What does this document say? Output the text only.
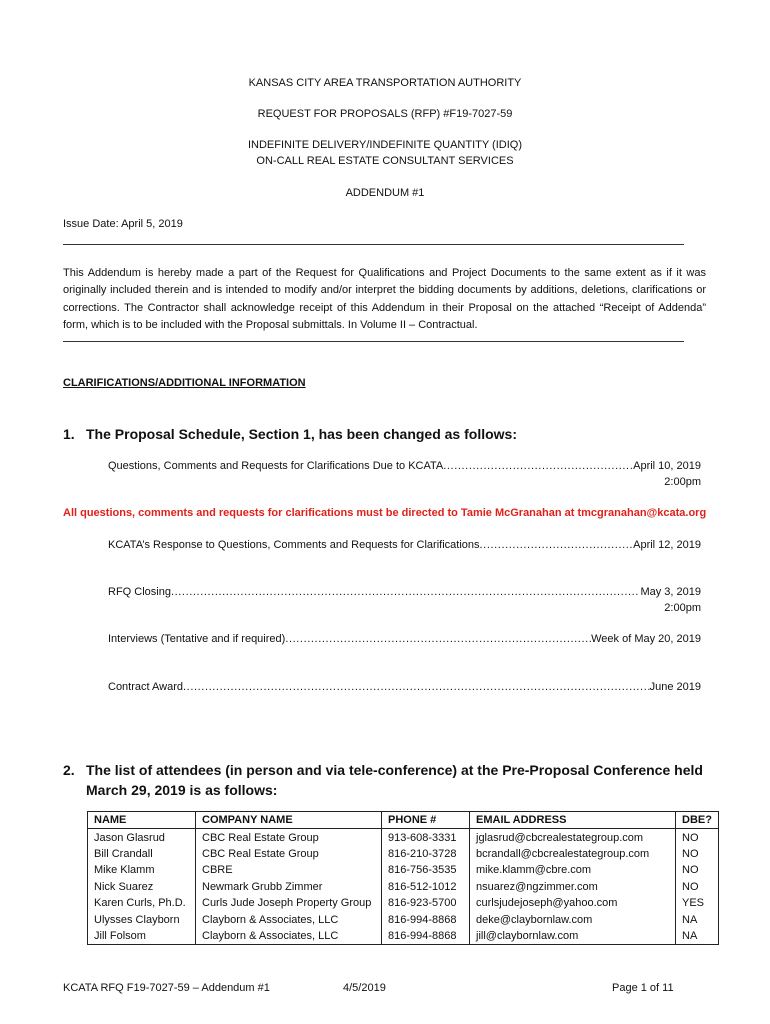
KANSAS CITY AREA TRANSPORTATION AUTHORITY
REQUEST FOR PROPOSALS (RFP) #F19-7027-59
INDEFINITE DELIVERY/INDEFINITE QUANTITY (IDIQ)
ON-CALL REAL ESTATE CONSULTANT SERVICES
ADDENDUM #1
Issue Date: April 5, 2019
This Addendum is hereby made a part of the Request for Qualifications and Project Documents to the same extent as if it was originally included therein and is intended to modify and/or interpret the bidding documents by additions, deletions, clarifications or corrections. The Contractor shall acknowledge receipt of this Addendum in their Proposal on the attached “Receipt of Addenda” form, which is to be included with the Proposal submittals. In Volume II – Contractual.
CLARIFICATIONS/ADDITIONAL INFORMATION
1. The Proposal Schedule, Section 1, has been changed as follows:
Questions, Comments and Requests for Clarifications Due to KCATA .....	April 10, 2019
2:00pm
All questions, comments and requests for clarifications must be directed to Tamie McGranahan at tmcgranahan@kcata.org
KCATA’s Response to Questions, Comments and Requests for Clarifications .....	April 12, 2019
RFQ Closing .....	May 3, 2019
2:00pm
Interviews (Tentative and if required) .....	Week of May 20, 2019
Contract Award .....	June 2019
2. The list of attendees (in person and via tele-conference) at the Pre-Proposal Conference held March 29, 2019 is as follows:
NAME	COMPANY NAME	PHONE #	EMAIL ADDRESS	DBE?
Jason Glasrud	CBC Real Estate Group	913-608-3331	jglasrud@cbcrealestategroup.com	NO
Bill Crandall	CBC Real Estate Group	816-210-3728	bcrandall@cbcrealestategroup.com	NO
Mike Klamm	CBRE	816-756-3535	mike.klamm@cbre.com	NO
Nick Suarez	Newmark Grubb Zimmer	816-512-1012	nsuarez@ngzimmer.com	NO
Karen Curls, Ph.D.	Curls Jude Joseph Property Group	816-923-5700	curlsjudejoseph@yahoo.com	YES
Ulysses Clayborn	Clayborn & Associates, LLC	816-994-8868	deke@claybornlaw.com	NA
Jill Folsom	Clayborn & Associates, LLC	816-994-8868	jill@claybornlaw.com	NA
KCATA RFQ F19-7027-59 – Addendum #1	4/5/2019	Page 1 of 11
